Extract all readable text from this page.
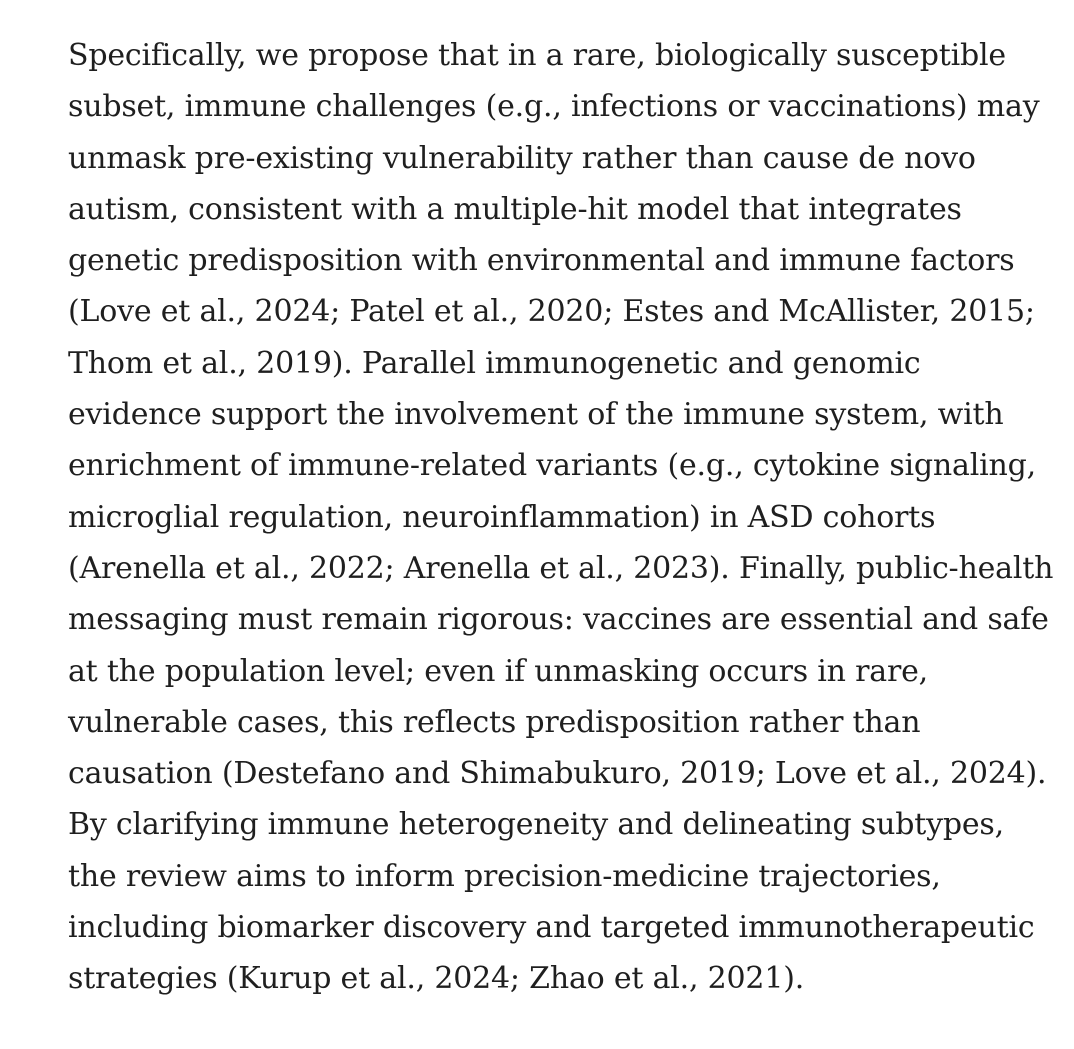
Specifically, we propose that in a rare, biologically susceptible
subset, immune challenges (e.g., infections or vaccinations) may
unmask pre-existing vulnerability rather than cause de novo
autism, consistent with a multiple-hit model that integrates
genetic predisposition with environmental and immune factors
(Love et al., 2024; Patel et al., 2020; Estes and McAllister, 2015;
Thom et al., 2019). Parallel immunogenetic and genomic
evidence support the involvement of the immune system, with
enrichment of immune-related variants (e.g., cytokine signaling,
microglial regulation, neuroinflammation) in ASD cohorts
(Arenella et al., 2022; Arenella et al., 2023). Finally, public-health
messaging must remain rigorous: vaccines are essential and safe
at the population level; even if unmasking occurs in rare,
vulnerable cases, this reflects predisposition rather than
causation (Destefano and Shimabukuro, 2019; Love et al., 2024).
By clarifying immune heterogeneity and delineating subtypes,
the review aims to inform precision-medicine trajectories,
including biomarker discovery and targeted immunotherapeutic
strategies (Kurup et al., 2024; Zhao et al., 2021).
